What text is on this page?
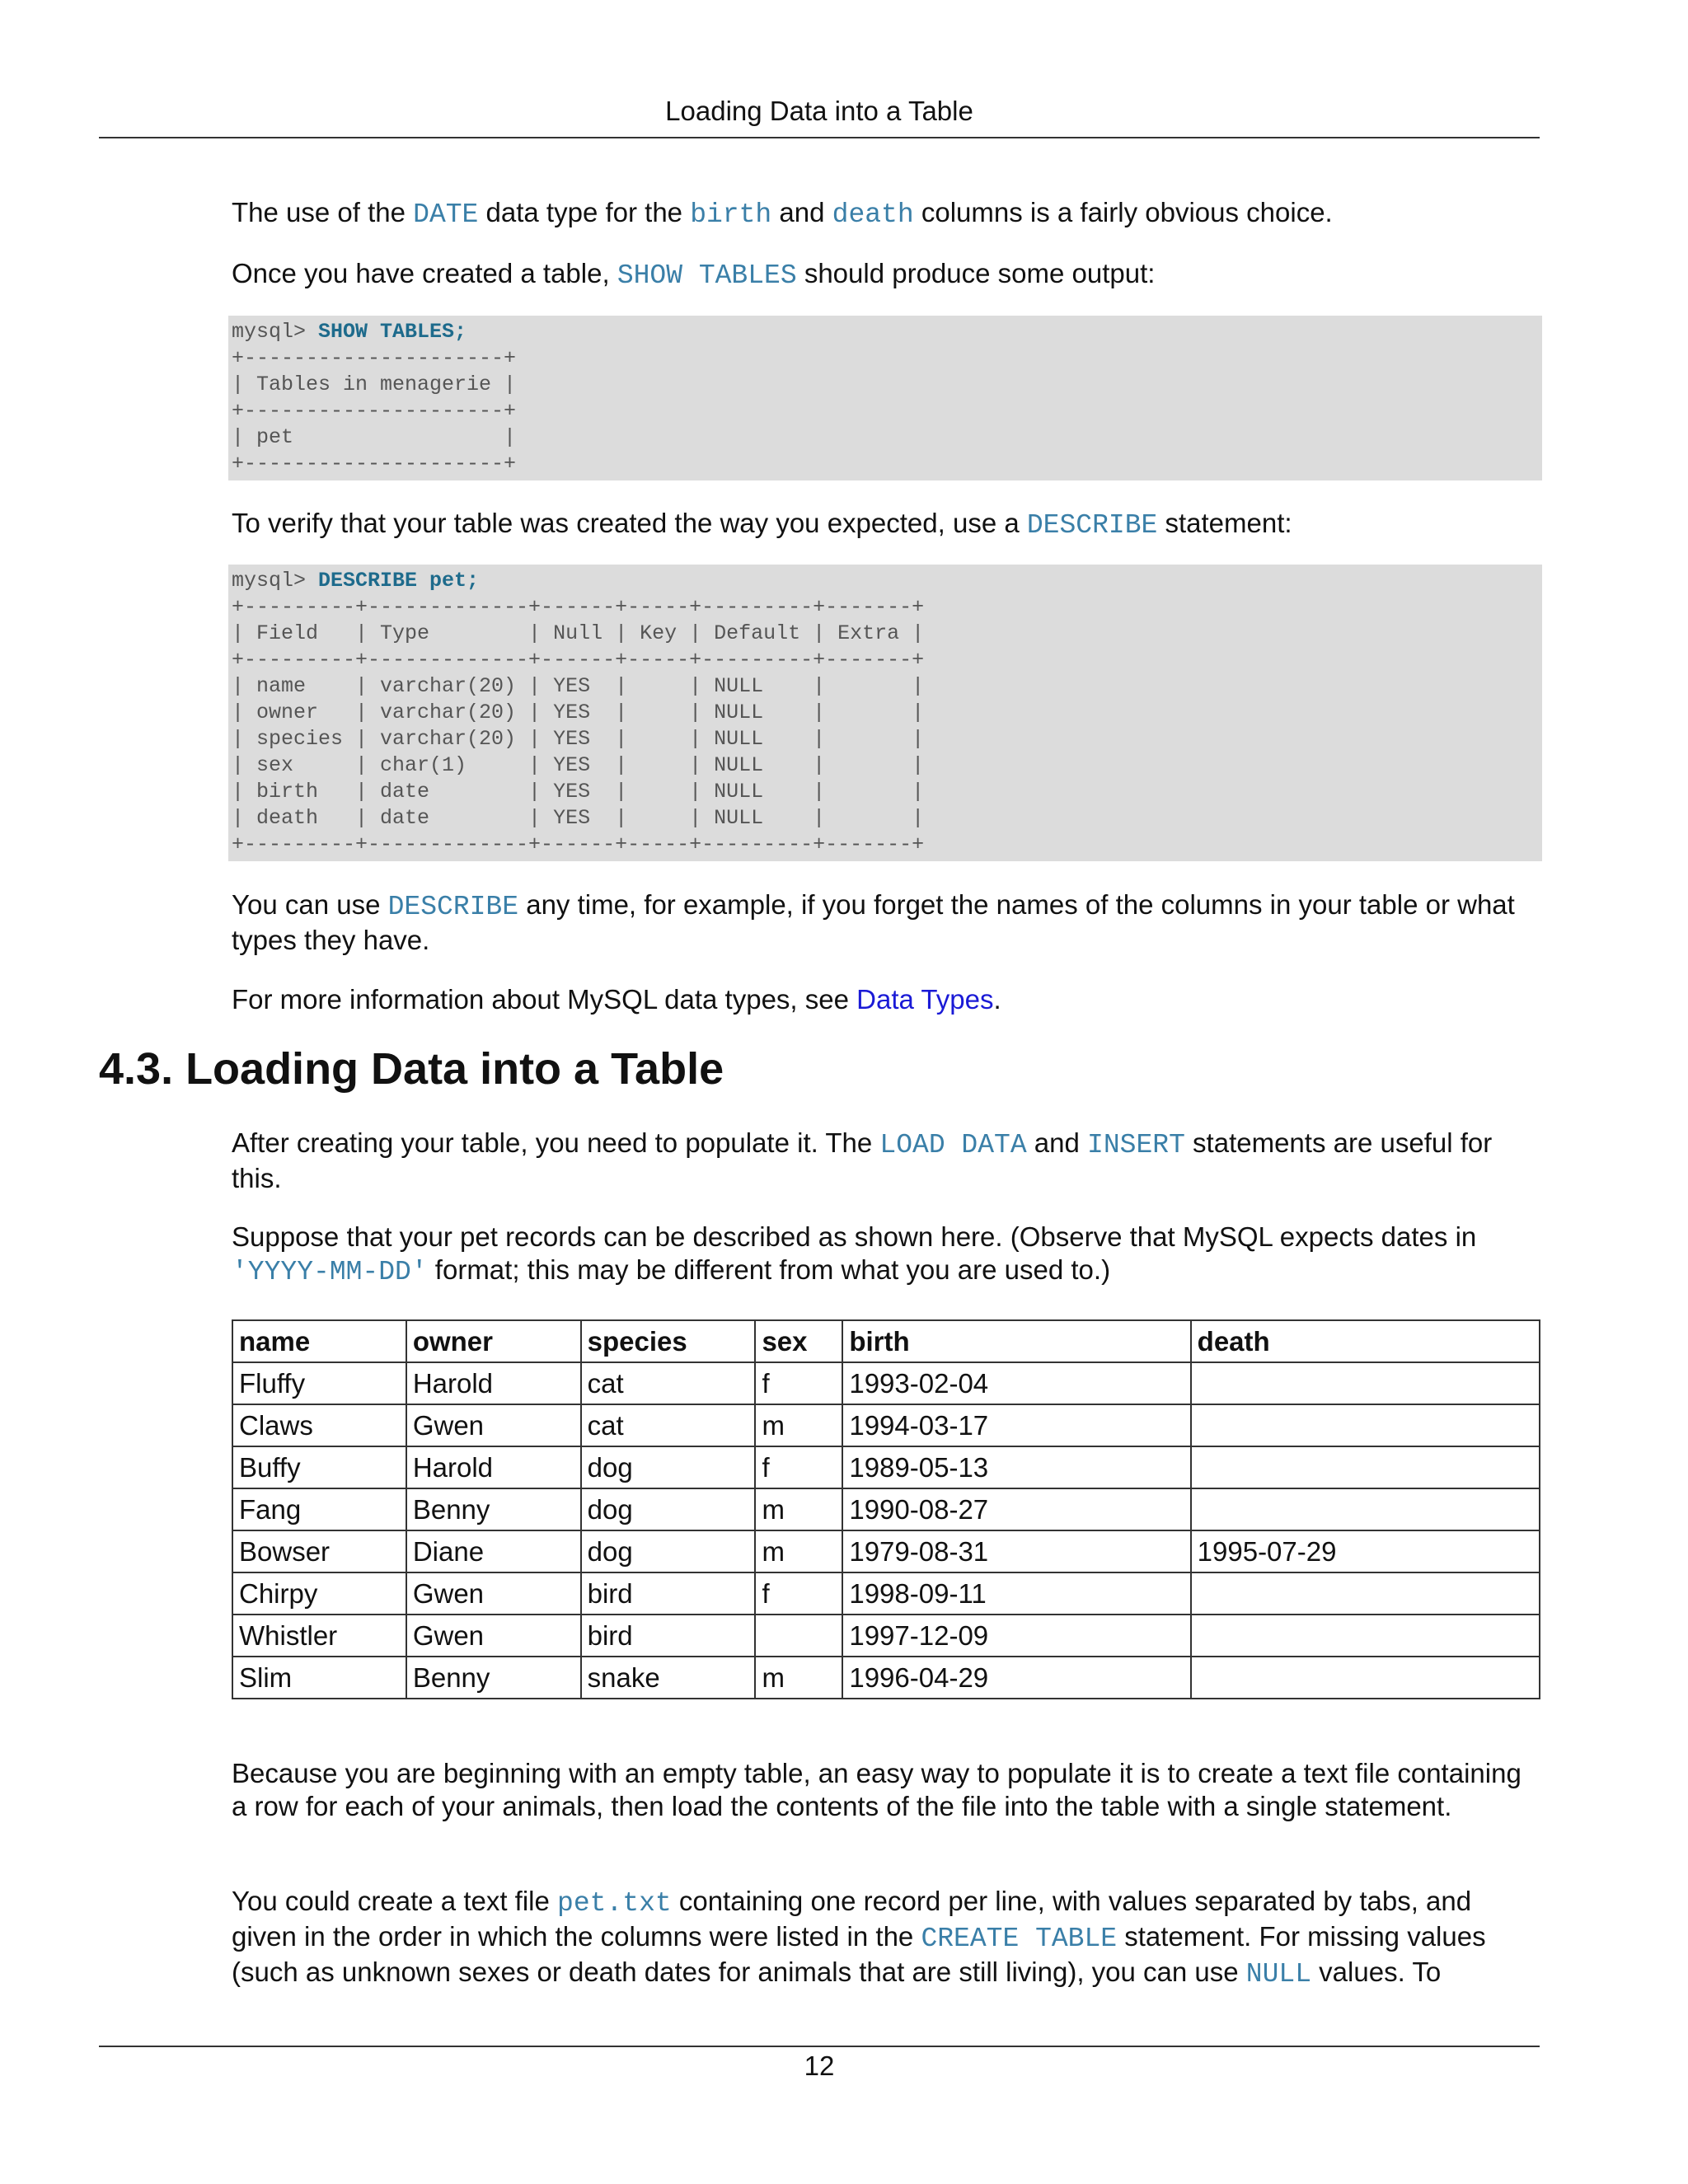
Loading Data into a Table

The use of the DATE data type for the birth and death columns is a fairly obvious choice.

Once you have created a table, SHOW TABLES should produce some output:

mysql> SHOW TABLES;
+---------------------+
| Tables in menagerie |
+---------------------+
| pet                 |
+---------------------+

To verify that your table was created the way you expected, use a DESCRIBE statement:

mysql> DESCRIBE pet;
+---------+-------------+------+-----+---------+-------+
| Field   | Type        | Null | Key | Default | Extra |
+---------+-------------+------+-----+---------+-------+
| name    | varchar(20) | YES  |     | NULL    |       |
| owner   | varchar(20) | YES  |     | NULL    |       |
| species | varchar(20) | YES  |     | NULL    |       |
| sex     | char(1)     | YES  |     | NULL    |       |
| birth   | date        | YES  |     | NULL    |       |
| death   | date        | YES  |     | NULL    |       |
+---------+-------------+------+-----+---------+-------+

You can use DESCRIBE any time, for example, if you forget the names of the columns in your table or what types they have.

For more information about MySQL data types, see Data Types.

4.3. Loading Data into a Table

After creating your table, you need to populate it. The LOAD DATA and INSERT statements are useful for this.

Suppose that your pet records can be described as shown here. (Observe that MySQL expects dates in 'YYYY-MM-DD' format; this may be different from what you are used to.)

name	owner	species	sex	birth	death
Fluffy	Harold	cat	f	1993-02-04	
Claws	Gwen	cat	m	1994-03-17	
Buffy	Harold	dog	f	1989-05-13	
Fang	Benny	dog	m	1990-08-27	
Bowser	Diane	dog	m	1979-08-31	1995-07-29
Chirpy	Gwen	bird	f	1998-09-11	
Whistler	Gwen	bird		1997-12-09	
Slim	Benny	snake	m	1996-04-29	

Because you are beginning with an empty table, an easy way to populate it is to create a text file containing a row for each of your animals, then load the contents of the file into the table with a single statement.

You could create a text file pet.txt containing one record per line, with values separated by tabs, and given in the order in which the columns were listed in the CREATE TABLE statement. For missing values (such as unknown sexes or death dates for animals that are still living), you can use NULL values. To

12
